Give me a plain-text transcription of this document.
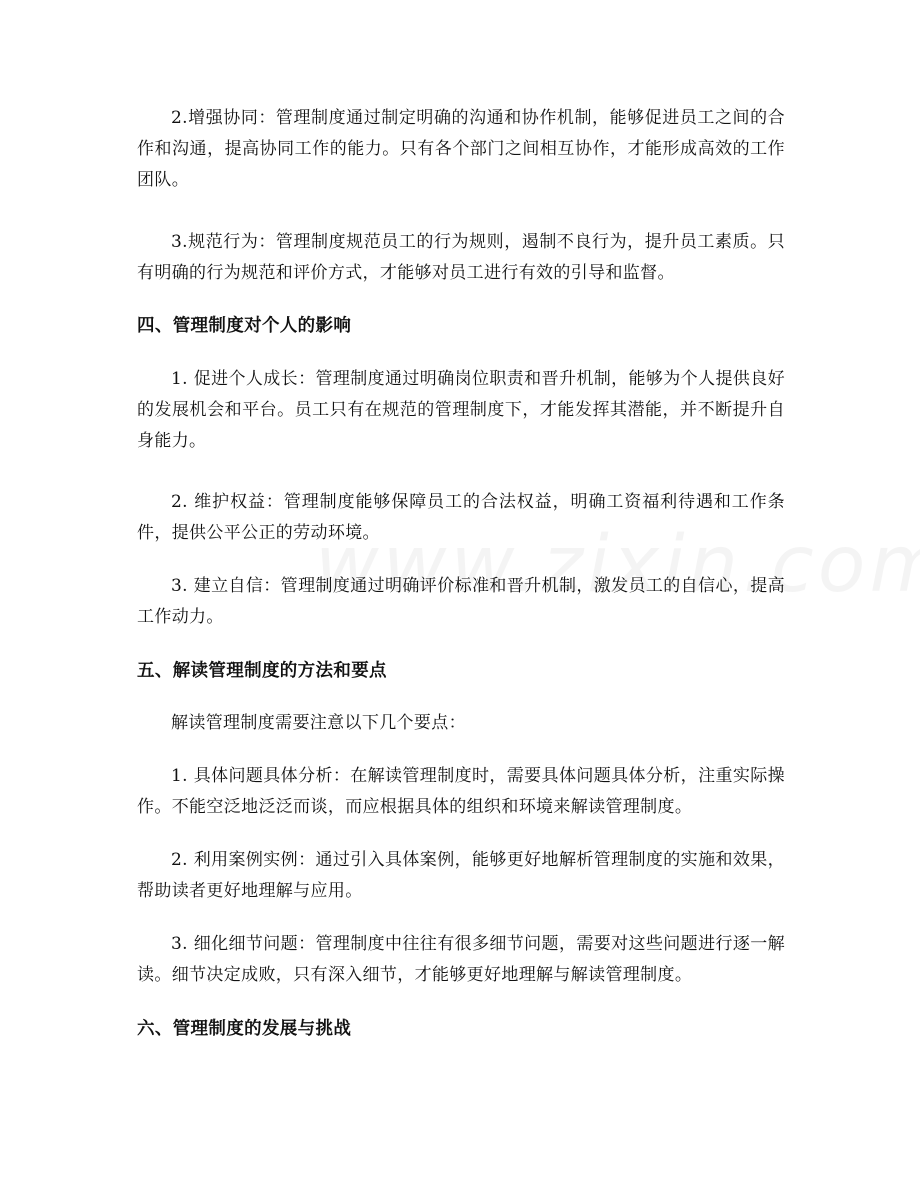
2.增强协同：管理制度通过制定明确的沟通和协作机制，能够促进员工之间的合作和沟通，提高协同工作的能力。只有各个部门之间相互协作，才能形成高效的工作团队。

3.规范行为：管理制度规范员工的行为规则，遏制不良行为，提升员工素质。只有明确的行为规范和评价方式，才能够对员工进行有效的引导和监督。

四、管理制度对个人的影响

1. 促进个人成长：管理制度通过明确岗位职责和晋升机制，能够为个人提供良好的发展机会和平台。员工只有在规范的管理制度下，才能发挥其潜能，并不断提升自身能力。

2. 维护权益：管理制度能够保障员工的合法权益，明确工资福利待遇和工作条件，提供公平公正的劳动环境。

3. 建立自信：管理制度通过明确评价标准和晋升机制，激发员工的自信心，提高工作动力。

五、解读管理制度的方法和要点

解读管理制度需要注意以下几个要点：

1. 具体问题具体分析：在解读管理制度时，需要具体问题具体分析，注重实际操作。不能空泛地泛泛而谈，而应根据具体的组织和环境来解读管理制度。

2. 利用案例实例：通过引入具体案例，能够更好地解析管理制度的实施和效果，帮助读者更好地理解与应用。

3. 细化细节问题：管理制度中往往有很多细节问题，需要对这些问题进行逐一解读。细节决定成败，只有深入细节，才能够更好地理解与解读管理制度。

六、管理制度的发展与挑战
